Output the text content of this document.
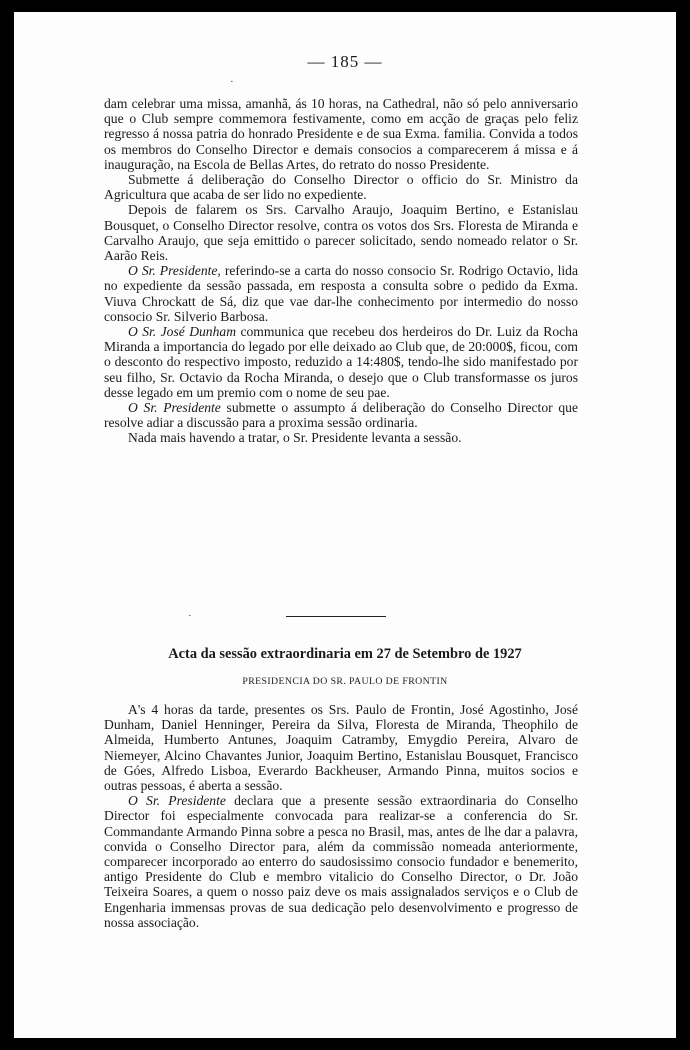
— 185 —
·

dam celebrar uma missa, amanhã, ás 10 horas, na Cathedral, não só pelo anniversario que o Club sempre commemora festivamente, como em acção de graças pelo feliz regresso á nossa patria do honrado Presidente e de sua Exma. familia. Convida a todos os membros do Conselho Director e demais consocios a comparecerem á missa e á inauguração, na Escola de Bellas Artes, do retrato do nosso Presidente.

Submette á deliberação do Conselho Director o officio do Sr. Ministro da Agricultura que acaba de ser lido no expediente.

Depois de falarem os Srs. Carvalho Araujo, Joaquim Bertino, e Estanislau Bousquet, o Conselho Director resolve, contra os votos dos Srs. Floresta de Miranda e Carvalho Araujo, que seja emittido o parecer solicitado, sendo nomeado relator o Sr. Aarão Reis.

O Sr. Presidente, referindo-se a carta do nosso consocio Sr. Rodrigo Octavio, lida no expediente da sessão passada, em resposta a consulta sobre o pedido da Exma. Viuva Chrockatt de Sá, diz que vae dar-lhe conhecimento por intermedio do nosso consocio Sr. Silverio Barbosa.

O Sr. José Dunham communica que recebeu dos herdeiros do Dr. Luiz da Rocha Miranda a importancia do legado por elle deixado ao Club que, de 20:000$, ficou, com o desconto do respectivo imposto, reduzido a 14:480$, tendo-lhe sido manifestado por seu filho, Sr. Octavio da Rocha Miranda, o desejo que o Club transformasse os juros desse legado em um premio com o nome de seu pae.

O Sr. Presidente submette o assumpto á deliberação do Conselho Director que resolve adiar a discussão para a proxima sessão ordinaria.

Nada mais havendo a tratar, o Sr. Presidente levanta a sessão.

·
Acta da sessão extraordinaria em 27 de Setembro de 1927
PRESIDENCIA DO SR. PAULO DE FRONTIN

A's 4 horas da tarde, presentes os Srs. Paulo de Frontin, José Agostinho, José Dunham, Daniel Henninger, Pereira da Silva, Floresta de Miranda, Theophilo de Almeida, Humberto Antunes, Joaquim Catramby, Emygdio Pereira, Alvaro de Niemeyer, Alcino Chavantes Junior, Joaquim Bertino, Estanislau Bousquet, Francisco de Góes, Alfredo Lisboa, Everardo Backheuser, Armando Pinna, muitos socios e outras pessoas, é aberta a sessão.

O Sr. Presidente declara que a presente sessão extraordinaria do Conselho Director foi especialmente convocada para realizar-se a conferencia do Sr. Commandante Armando Pinna sobre a pesca no Brasil, mas, antes de lhe dar a palavra, convida o Conselho Director para, além da commissão nomeada anteriormente, comparecer incorporado ao enterro do saudosissimo consocio fundador e benemerito, antigo Presidente do Club e membro vitalicio do Conselho Director, o Dr. João Teixeira Soares, a quem o nosso paiz deve os mais assignalados serviços e o Club de Engenharia immensas provas de sua dedicação pelo desenvolvimento e progresso de nossa associação.
